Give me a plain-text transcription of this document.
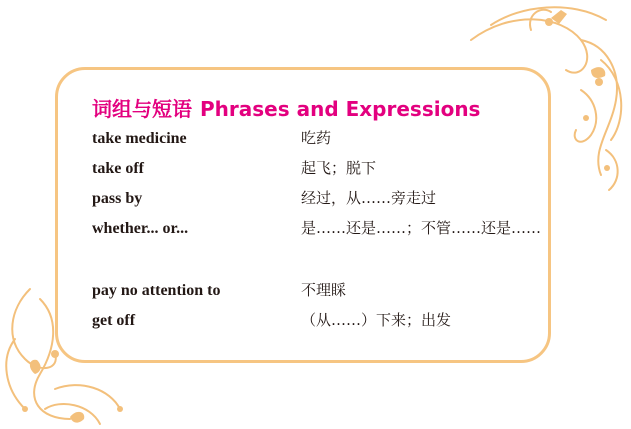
词组与短语 Phrases and Expressions
take medicine	吃药
take off	起飞；脱下
pass by	经过，从……旁走过
whether... or...	是……还是……；不管……还是……
pay no attention to	不理睬
get off	（从……）下来；出发
